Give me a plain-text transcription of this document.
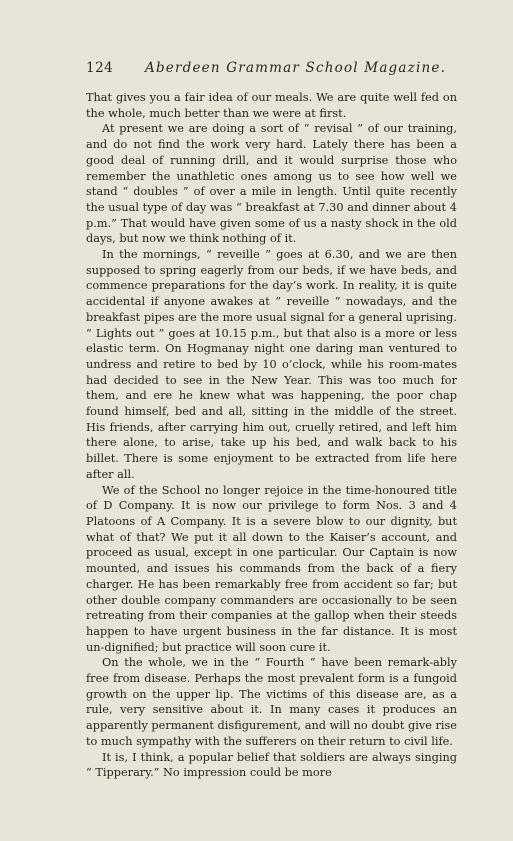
124 Aberdeen Grammar School Magazine.

That gives you a fair idea of our meals. We are quite well fed on the whole, much better than we were at first.

At present we are doing a sort of “ revisal ” of our training, and do not find the work very hard. Lately there has been a good deal of running drill, and it would surprise those who remember the unathletic ones among us to see how well we stand “ doubles ” of over a mile in length. Until quite recently the usual type of day was “ breakfast at 7.30 and dinner about 4 p.m.” That would have given some of us a nasty shock in the old days, but now we think nothing of it.

In the mornings, “ reveille ” goes at 6.30, and we are then supposed to spring eagerly from our beds, if we have beds, and commence preparations for the day’s work. In reality, it is quite accidental if anyone awakes at “ reveille ” nowadays, and the breakfast pipes are the more usual signal for a general uprising. “ Lights out ” goes at 10.15 p.m., but that also is a more or less elastic term. On Hogmanay night one daring man ventured to undress and retire to bed by 10 o’clock, while his room-mates had decided to see in the New Year. This was too much for them, and ere he knew what was happening, the poor chap found himself, bed and all, sitting in the middle of the street. His friends, after carrying him out, cruelly retired, and left him there alone, to arise, take up his bed, and walk back to his billet. There is some enjoyment to be extracted from life here after all.

We of the School no longer rejoice in the time-honoured title of D Company. It is now our privilege to form Nos. 3 and 4 Platoons of A Company. It is a severe blow to our dignity, but what of that? We put it all down to the Kaiser’s account, and proceed as usual, except in one particular. Our Captain is now mounted, and issues his commands from the back of a fiery charger. He has been remarkably free from accident so far; but other double company commanders are occasionally to be seen retreating from their companies at the gallop when their steeds happen to have urgent business in the far distance. It is most un-dignified; but practice will soon cure it.

On the whole, we in the “ Fourth ” have been remark-ably free from disease. Perhaps the most prevalent form is a fungoid growth on the upper lip. The victims of this disease are, as a rule, very sensitive about it. In many cases it produces an apparently permanent disfigurement, and will no doubt give rise to much sympathy with the sufferers on their return to civil life.

It is, I think, a popular belief that soldiers are always singing “ Tipperary.” No impression could be more
